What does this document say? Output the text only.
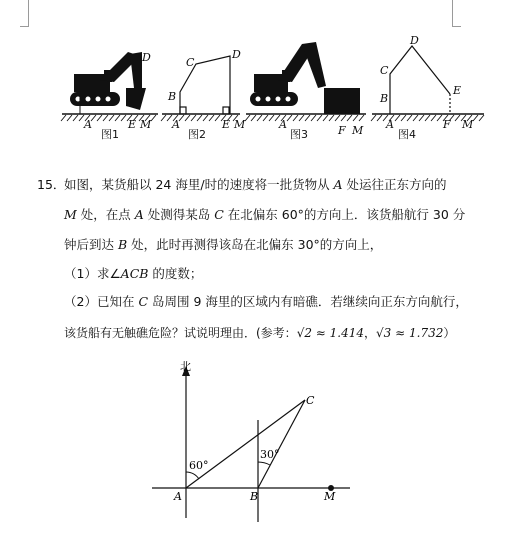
A
D
E M A
B
C
D
E M	A	F M A
B
C
D
E
F M
图1	图2	图3	图4
15．
如图，某货船以 24 海里/时的速度将一批货物从 A 处运往正东方向的
M 处，在点 A 处测得某岛 C 在北偏东 60°的方向上．该货船航行 30 分
钟后到达 B 处，此时再测得该岛在北偏东 30°的方向上，
（1）求∠ACB 的度数；
（2）已知在 C 岛周围 9 海里的区域内有暗礁．若继续向正东方向航行，
该货船有无触礁危险？试说明理由．(参考：√2 ≈ 1.414，√3 ≈ 1.732）
北
60°
30°
A	B
C
M
